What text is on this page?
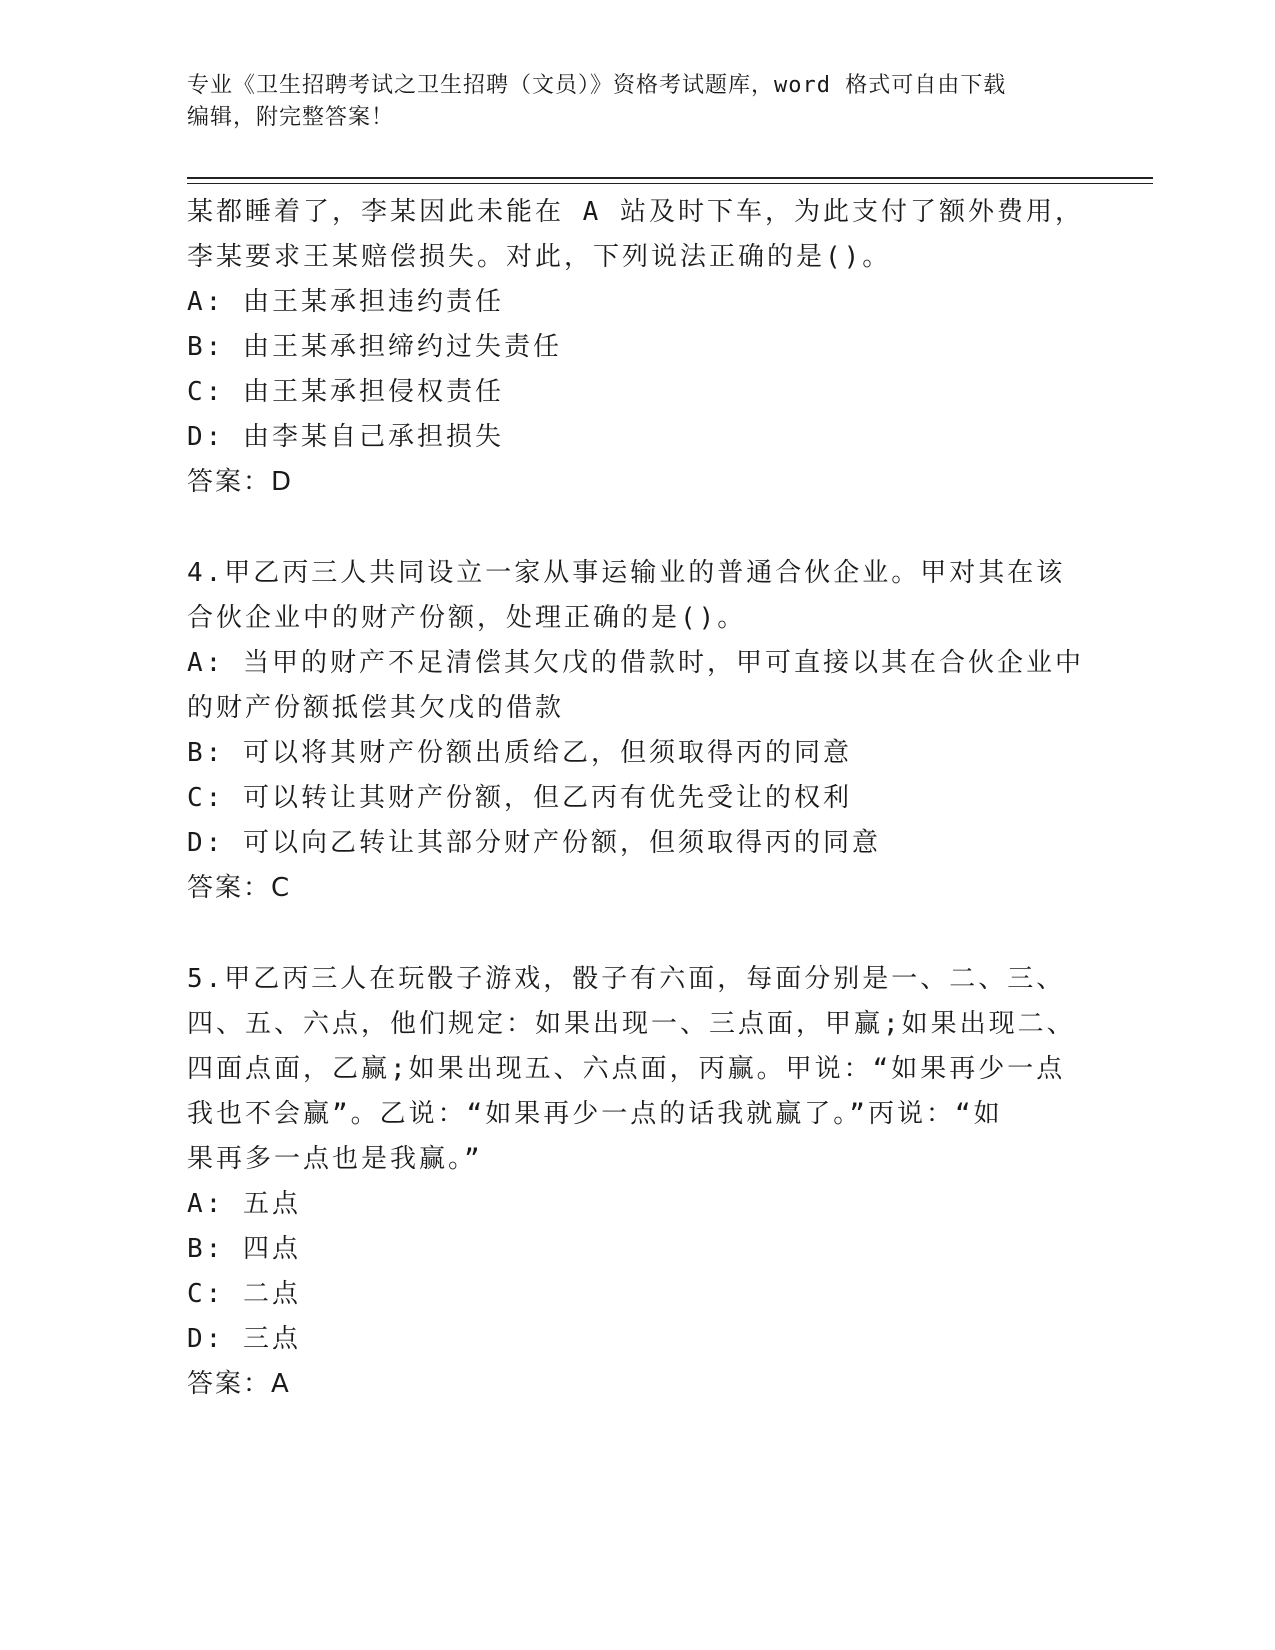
专业《卫生招聘考试之卫生招聘（文员）》资格考试题库，word 格式可自由下载
编辑，附完整答案！
某都睡着了，李某因此未能在 A 站及时下车，为此支付了额外费用，
李某要求王某赔偿损失。对此，下列说法正确的是()。
A: 由王某承担违约责任
B: 由王某承担缔约过失责任
C: 由王某承担侵权责任
D: 由李某自己承担损失
答案：D
4.甲乙丙三人共同设立一家从事运输业的普通合伙企业。甲对其在该
合伙企业中的财产份额，处理正确的是()。
A: 当甲的财产不足清偿其欠戊的借款时，甲可直接以其在合伙企业中
的财产份额抵偿其欠戊的借款
B: 可以将其财产份额出质给乙，但须取得丙的同意
C: 可以转让其财产份额，但乙丙有优先受让的权利
D: 可以向乙转让其部分财产份额，但须取得丙的同意
答案：C
5.甲乙丙三人在玩骰子游戏，骰子有六面，每面分别是一、二、三、
四、五、六点，他们规定：如果出现一、三点面，甲赢;如果出现二、
四面点面，乙赢;如果出现五、六点面，丙赢。甲说：“如果再少一点
我也不会赢”。乙说：“如果再少一点的话我就赢了。”丙说：“如
果再多一点也是我赢。”
A: 五点
B: 四点
C: 二点
D: 三点
答案：A
